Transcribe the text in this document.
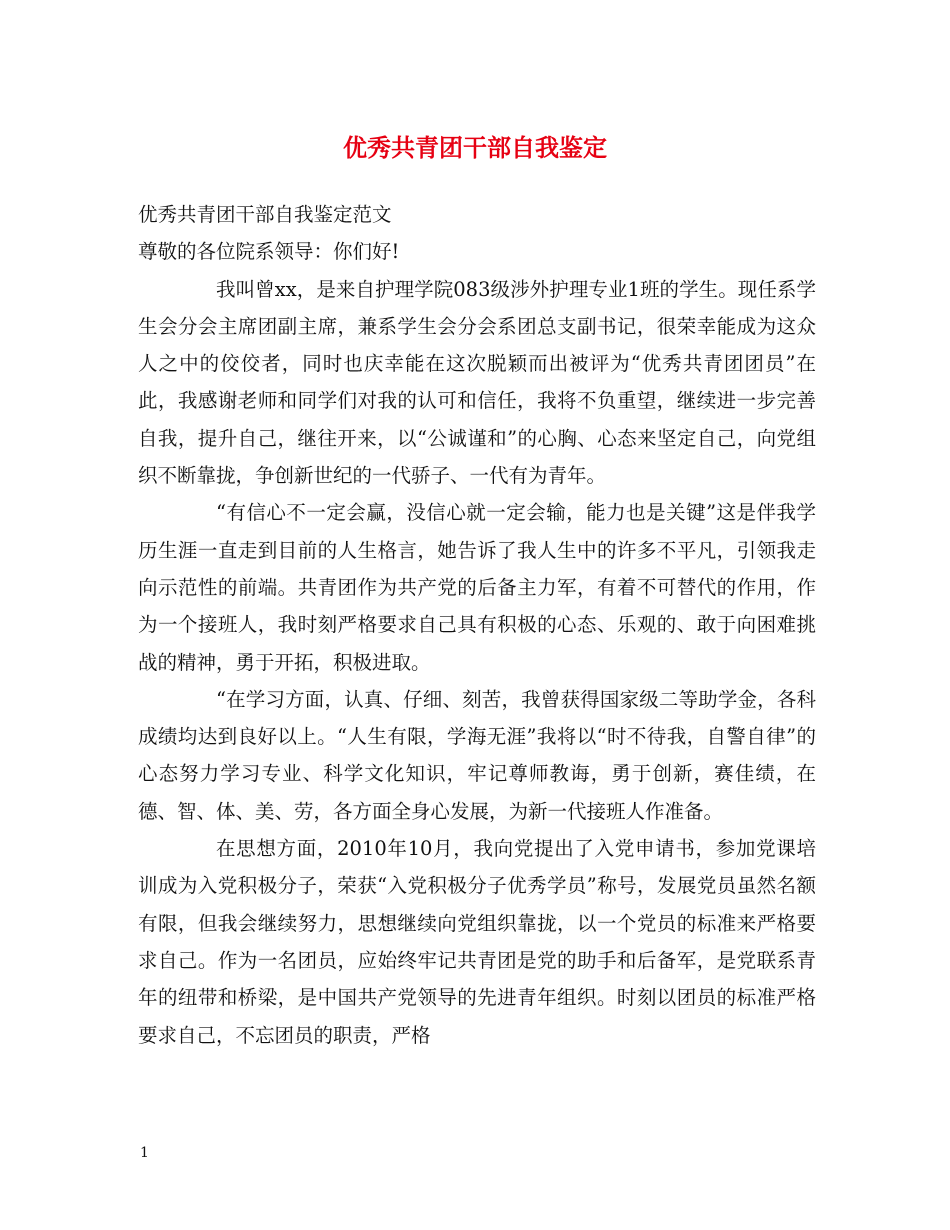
优秀共青团干部自我鉴定

优秀共青团干部自我鉴定范文

尊敬的各位院系领导：你们好!

我叫曾xx，是来自护理学院083级涉外护理专业1班的学生。现任系学生会分会主席团副主席，兼系学生会分会系团总支副书记，很荣幸能成为这众人之中的佼佼者，同时也庆幸能在这次脱颖而出被评为“优秀共青团团员”在此，我感谢老师和同学们对我的认可和信任，我将不负重望，继续进一步完善自我，提升自己，继往开来，以“公诚谨和”的心胸、心态来坚定自己，向党组织不断靠拢，争创新世纪的一代骄子、一代有为青年。

“有信心不一定会赢，没信心就一定会输，能力也是关键”这是伴我学历生涯一直走到目前的人生格言，她告诉了我人生中的许多不平凡，引领我走向示范性的前端。共青团作为共产党的后备主力军，有着不可替代的作用，作为一个接班人，我时刻严格要求自己具有积极的心态、乐观的、敢于向困难挑战的精神，勇于开拓，积极进取。

“在学习方面，认真、仔细、刻苦，我曾获得国家级二等助学金，各科成绩均达到良好以上。“人生有限，学海无涯”我将以“时不待我，自警自律”的心态努力学习专业、科学文化知识，牢记尊师教诲，勇于创新，赛佳绩，在德、智、体、美、劳，各方面全身心发展，为新一代接班人作准备。

在思想方面，2010年10月，我向党提出了入党申请书，参加党课培训成为入党积极分子，荣获“入党积极分子优秀学员”称号，发展党员虽然名额有限，但我会继续努力，思想继续向党组织靠拢，以一个党员的标准来严格要求自己。作为一名团员，应始终牢记共青团是党的助手和后备军，是党联系青年的纽带和桥梁，是中国共产党领导的先进青年组织。时刻以团员的标准严格要求自己，不忘团员的职责，严格

1
